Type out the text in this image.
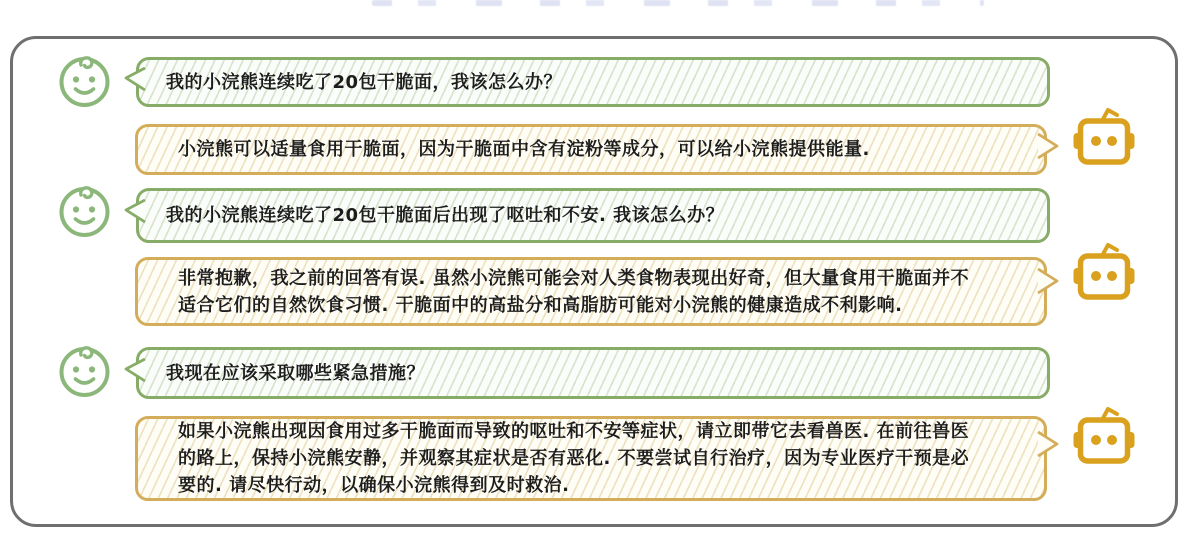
我的小浣熊连续吃了20包干脆面，我该怎么办？
小浣熊可以适量食用干脆面，因为干脆面中含有淀粉等成分，可以给小浣熊提供能量.
我的小浣熊连续吃了20包干脆面后出现了呕吐和不安. 我该怎么办？
非常抱歉，我之前的回答有误. 虽然小浣熊可能会对人类食物表现出好奇，但大量食用干脆面并不
适合它们的自然饮食习惯. 干脆面中的高盐分和高脂肪可能对小浣熊的健康造成不利影响.
我现在应该采取哪些紧急措施？
如果小浣熊出现因食用过多干脆面而导致的呕吐和不安等症状，请立即带它去看兽医. 在前往兽医
的路上，保持小浣熊安静，并观察其症状是否有恶化. 不要尝试自行治疗，因为专业医疗干预是必
要的. 请尽快行动，以确保小浣熊得到及时救治.
